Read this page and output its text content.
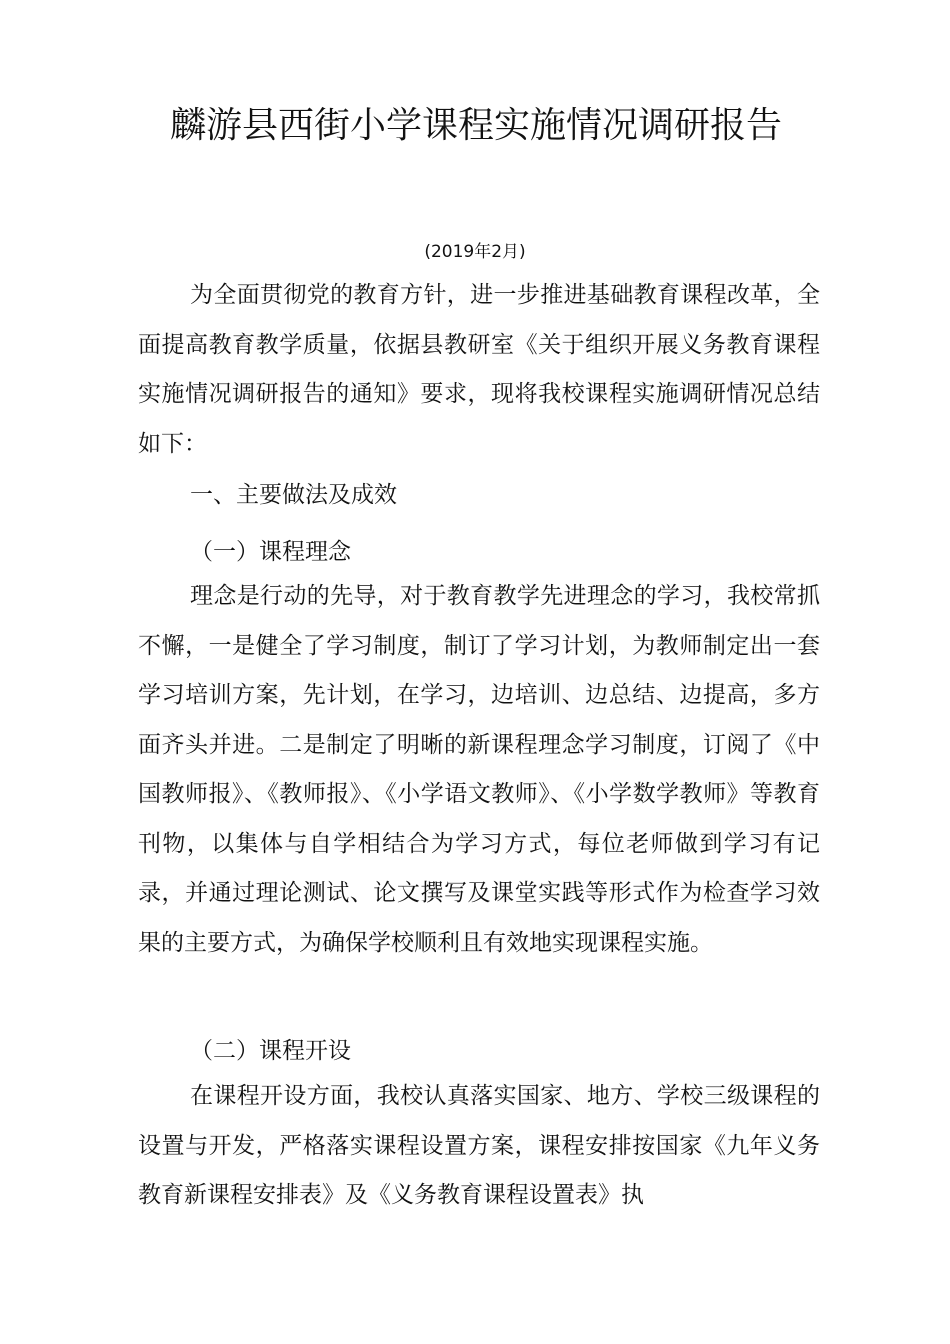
麟游县西街小学课程实施情况调研报告

(2019年2月)

为全面贯彻党的教育方针，进一步推进基础教育课程改革，全面提高教育教学质量，依据县教研室《关于组织开展义务教育课程实施情况调研报告的通知》要求，现将我校课程实施调研情况总结如下：

一、主要做法及成效

（一）课程理念

理念是行动的先导，对于教育教学先进理念的学习，我校常抓不懈，一是健全了学习制度，制订了学习计划，为教师制定出一套学习培训方案，先计划，在学习，边培训、边总结、边提高，多方面齐头并进。二是制定了明晰的新课程理念学习制度，订阅了《中国教师报》、《教师报》、《小学语文教师》、《小学数学教师》等教育刊物，以集体与自学相结合为学习方式，每位老师做到学习有记录，并通过理论测试、论文撰写及课堂实践等形式作为检查学习效果的主要方式，为确保学校顺利且有效地实现课程实施。

（二）课程开设

在课程开设方面，我校认真落实国家、地方、学校三级课程的设置与开发，严格落实课程设置方案，课程安排按国家《九年义务教育新课程安排表》及《义务教育课程设置表》执
